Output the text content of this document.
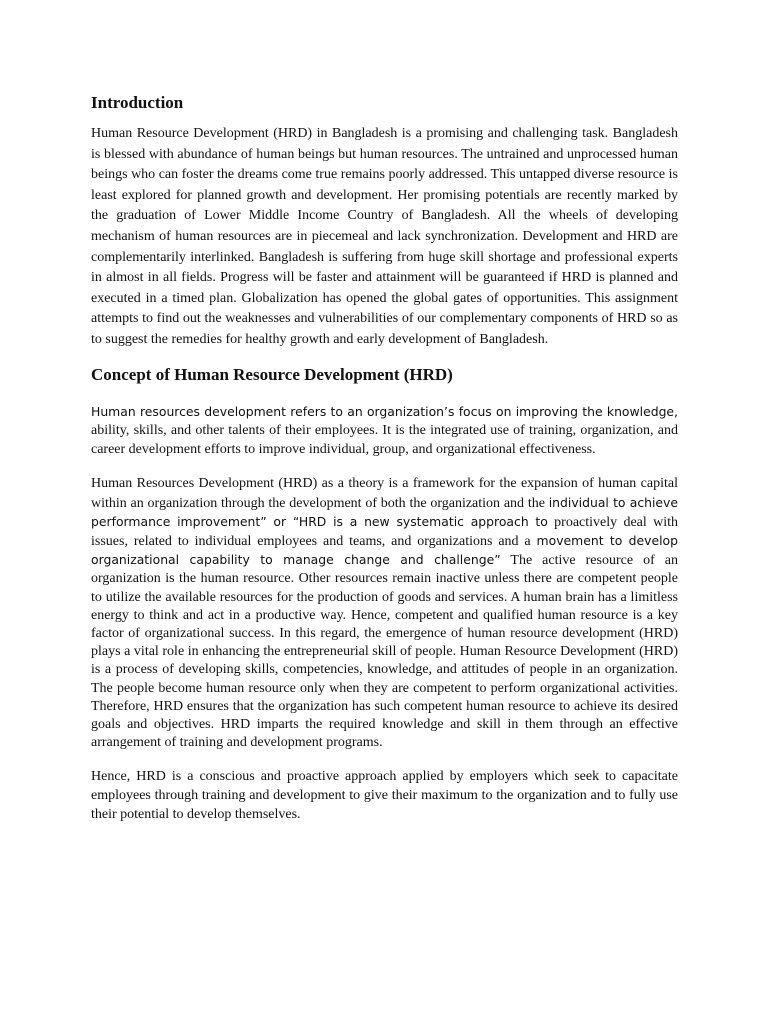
Introduction

Human Resource Development (HRD) in Bangladesh is a promising and challenging task. Bangladesh is blessed with abundance of human beings but human resources. The untrained and unprocessed human beings who can foster the dreams come true remains poorly addressed. This untapped diverse resource is least explored for planned growth and development. Her promising potentials are recently marked by the graduation of Lower Middle Income Country of Bangladesh. All the wheels of developing mechanism of human resources are in piecemeal and lack synchronization. Development and HRD are complementarily interlinked. Bangladesh is suffering from huge skill shortage and professional experts in almost in all fields. Progress will be faster and attainment will be guaranteed if HRD is planned and executed in a timed plan. Globalization has opened the global gates of opportunities. This assignment attempts to find out the weaknesses and vulnerabilities of our complementary components of HRD so as to suggest the remedies for healthy growth and early development of Bangladesh.

Concept of Human Resource Development (HRD)

Human resources development refers to an organization’s focus on improving the knowledge, ability, skills, and other talents of their employees. It is the integrated use of training, organization, and career development efforts to improve individual, group, and organizational effectiveness.

Human Resources Development (HRD) as a theory is a framework for the expansion of human capital within an organization through the development of both the organization and the individual to achieve performance improvement” or “HRD is a new systematic approach to proactively deal with issues, related to individual employees and teams, and organizations and a movement to develop organizational capability to manage change and challenge” The active resource of an organization is the human resource. Other resources remain inactive unless there are competent people to utilize the available resources for the production of goods and services. A human brain has a limitless energy to think and act in a productive way. Hence, competent and qualified human resource is a key factor of organizational success. In this regard, the emergence of human resource development (HRD) plays a vital role in enhancing the entrepreneurial skill of people. Human Resource Development (HRD) is a process of developing skills, competencies, knowledge, and attitudes of people in an organization. The people become human resource only when they are competent to perform organizational activities. Therefore, HRD ensures that the organization has such competent human resource to achieve its desired goals and objectives. HRD imparts the required knowledge and skill in them through an effective arrangement of training and development programs.

Hence, HRD is a conscious and proactive approach applied by employers which seek to capacitate employees through training and development to give their maximum to the organization and to fully use their potential to develop themselves.
